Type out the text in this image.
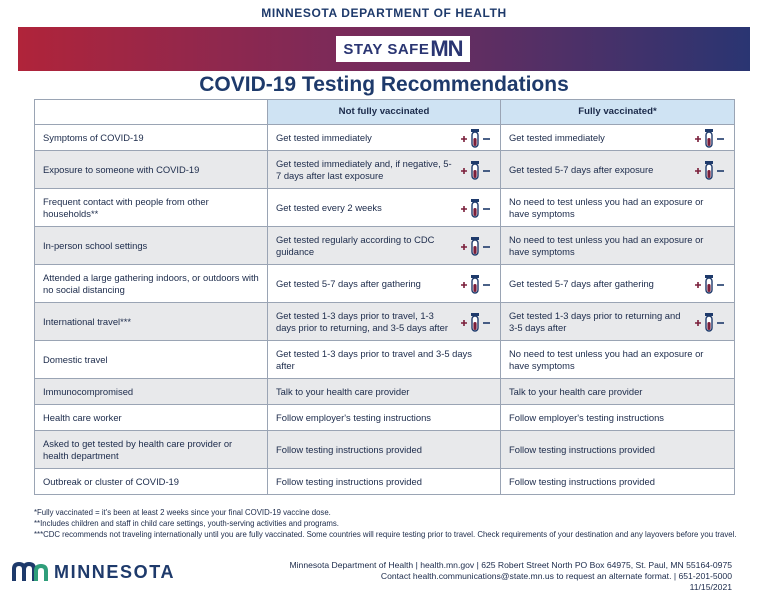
MINNESOTA DEPARTMENT OF HEALTH
STAY SAFE MN
COVID-19 Testing Recommendations
	Not fully vaccinated	Fully vaccinated*
Symptoms of COVID-19	Get tested immediately	Get tested immediately

Exposure to someone with COVID-19	Get tested immediately and, if negative, 5-7 days after last exposure	Get tested 5-7 days after exposure

Frequent contact with people from other households**	Get tested every 2 weeks	No need to test unless you had an exposure or have symptoms

In-person school settings	Get tested regularly according to CDC guidance	No need to test unless you had an exposure or have symptoms

Attended a large gathering indoors, or outdoors with no social distancing	Get tested 5-7 days after gathering	Get tested 5-7 days after gathering

International travel***	Get tested 1-3 days prior to travel, 1-3 days prior to returning, and 3-5 days after	Get tested 1-3 days prior to returning and 3-5 days after

Domestic travel	Get tested 1-3 days prior to travel and 3-5 days after	No need to test unless you had an exposure or have symptoms

Immunocompromised	Talk to your health care provider	Talk to your health care provider

Health care worker	Follow employer's testing instructions	Follow employer's testing instructions

Asked to get tested by health care provider or health department	Follow testing instructions provided	Follow testing instructions provided

Outbreak or cluster of COVID-19	Follow testing instructions provided	Follow testing instructions provided
*Fully vaccinated = it's been at least 2 weeks since your final COVID-19 vaccine dose.
**Includes children and staff in child care settings, youth-serving activities and programs.
***CDC recommends not traveling internationally until you are fully vaccinated. Some countries will require testing prior to travel. Check requirements of your destination and any layovers before you travel.
MINNESOTA	Minnesota Department of Health | health.mn.gov | 625 Robert Street North PO Box 64975, St. Paul, MN 55164-0975
Contact health.communications@state.mn.us to request an alternate format. | 651-201-5000
11/15/2021
